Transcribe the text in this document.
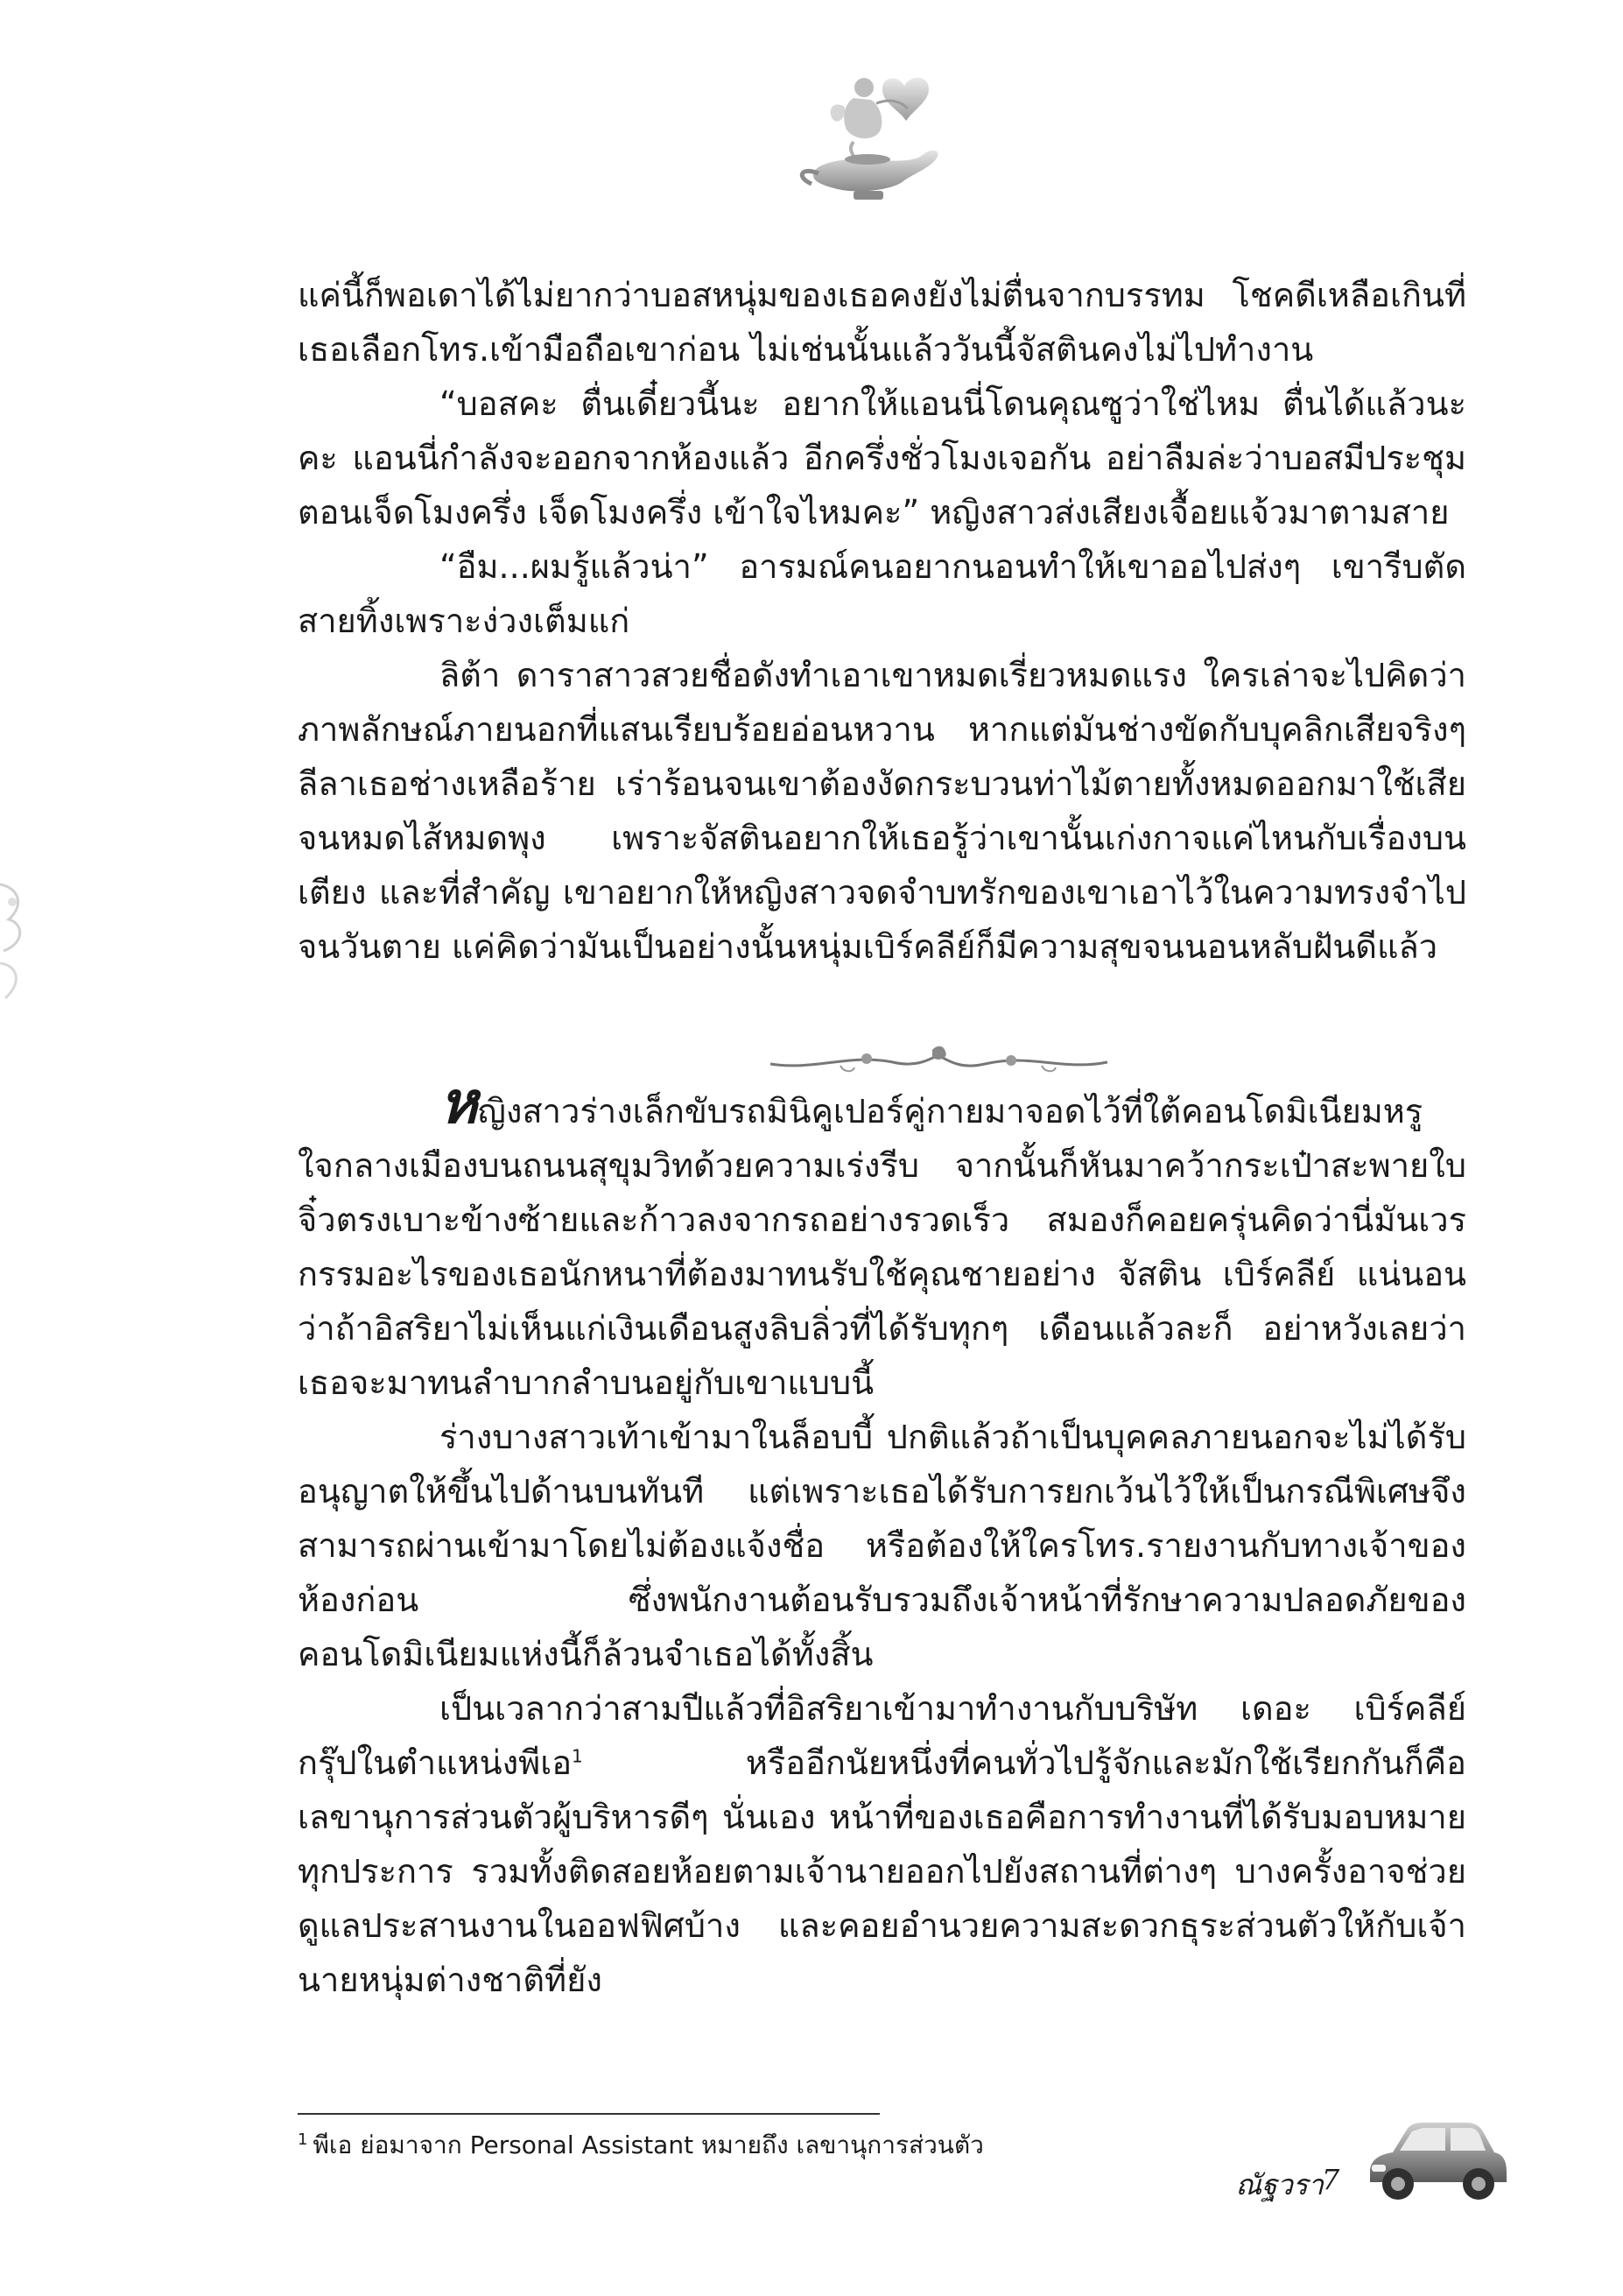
แค่นี้ก็พอเดาได้ไม่ยากว่าบอสหนุ่มของเธอคงยังไม่ตื่นจากบรรทม โชคดีเหลือเกินที่เธอเลือกโทร.เข้ามือถือเขาก่อน ไม่เช่นนั้นแล้ววันนี้จัสตินคงไม่ไปทำงาน

“บอสคะ ตื่นเดี๋ยวนี้นะ อยากให้แอนนี่โดนคุณซูว่าใช่ไหม ตื่นได้แล้วนะคะ แอนนี่กำลังจะออกจากห้องแล้ว อีกครึ่งชั่วโมงเจอกัน อย่าลืมล่ะว่าบอสมีประชุมตอนเจ็ดโมงครึ่ง เจ็ดโมงครึ่ง เข้าใจไหมคะ” หญิงสาวส่งเสียงเจื้อยแจ้วมาตามสาย

“อืม...ผมรู้แล้วน่า” อารมณ์คนอยากนอนทำให้เขาออไปส่งๆ เขารีบตัดสายทิ้งเพราะง่วงเต็มแก่

ลิต้า ดาราสาวสวยชื่อดังทำเอาเขาหมดเรี่ยวหมดแรง ใครเล่าจะไปคิดว่าภาพลักษณ์ภายนอกที่แสนเรียบร้อยอ่อนหวาน หากแต่มันช่างขัดกับบุคลิกเสียจริงๆ ลีลาเธอช่างเหลือร้าย เร่าร้อนจนเขาต้องงัดกระบวนท่าไม้ตายทั้งหมดออกมาใช้เสียจนหมดไส้หมดพุง เพราะจัสตินอยากให้เธอรู้ว่าเขานั้นเก่งกาจแค่ไหนกับเรื่องบนเตียง และที่สำคัญ เขาอยากให้หญิงสาวจดจำบทรักของเขาเอาไว้ในความทรงจำไปจนวันตาย แค่คิดว่ามันเป็นอย่างนั้นหนุ่มเบิร์คลีย์ก็มีความสุขจนนอนหลับฝันดีแล้ว

หญิงสาวร่างเล็กขับรถมินิคูเปอร์คู่กายมาจอดไว้ที่ใต้คอนโดมิเนียมหรูใจกลางเมืองบนถนนสุขุมวิทด้วยความเร่งรีบ จากนั้นก็หันมาคว้ากระเป๋าสะพายใบจิ๋วตรงเบาะข้างซ้ายและก้าวลงจากรถอย่างรวดเร็ว สมองก็คอยครุ่นคิดว่านี่มันเวรกรรมอะไรของเธอนักหนาที่ต้องมาทนรับใช้คุณชายอย่าง จัสติน เบิร์คลีย์ แน่นอนว่าถ้าอิสริยาไม่เห็นแก่เงินเดือนสูงลิบลิ่วที่ได้รับทุกๆ เดือนแล้วละก็ อย่าหวังเลยว่าเธอจะมาทนลำบากลำบนอยู่กับเขาแบบนี้

ร่างบางสาวเท้าเข้ามาในล็อบบี้ ปกติแล้วถ้าเป็นบุคคลภายนอกจะไม่ได้รับอนุญาตให้ขึ้นไปด้านบนทันที แต่เพราะเธอได้รับการยกเว้นไว้ให้เป็นกรณีพิเศษจึงสามารถผ่านเข้ามาโดยไม่ต้องแจ้งชื่อ หรือต้องให้ใครโทร.รายงานกับทางเจ้าของห้องก่อน ซึ่งพนักงานต้อนรับรวมถึงเจ้าหน้าที่รักษาความปลอดภัยของคอนโดมิเนียมแห่งนี้ก็ล้วนจำเธอได้ทั้งสิ้น

เป็นเวลากว่าสามปีแล้วที่อิสริยาเข้ามาทำงานกับบริษัท เดอะ เบิร์คลีย์ กรุ๊ปในตำแหน่งพีเอ$^1$ หรืออีกนัยหนึ่งที่คนทั่วไปรู้จักและมักใช้เรียกกันก็คือเลขานุการส่วนตัวผู้บริหารดีๆ นั่นเอง หน้าที่ของเธอคือการทำงานที่ได้รับมอบหมายทุกประการ รวมทั้งติดสอยห้อยตามเจ้านายออกไปยังสถานที่ต่างๆ บางครั้งอาจช่วยดูแลประสานงานในออฟฟิศบ้าง และคอยอำนวยความสะดวกธุระส่วนตัวให้กับเจ้านายหนุ่มต่างชาติที่ยัง

$^1$ พีเอ ย่อมาจาก Personal Assistant หมายถึง เลขานุการส่วนตัว
ณัฐวรา
7
